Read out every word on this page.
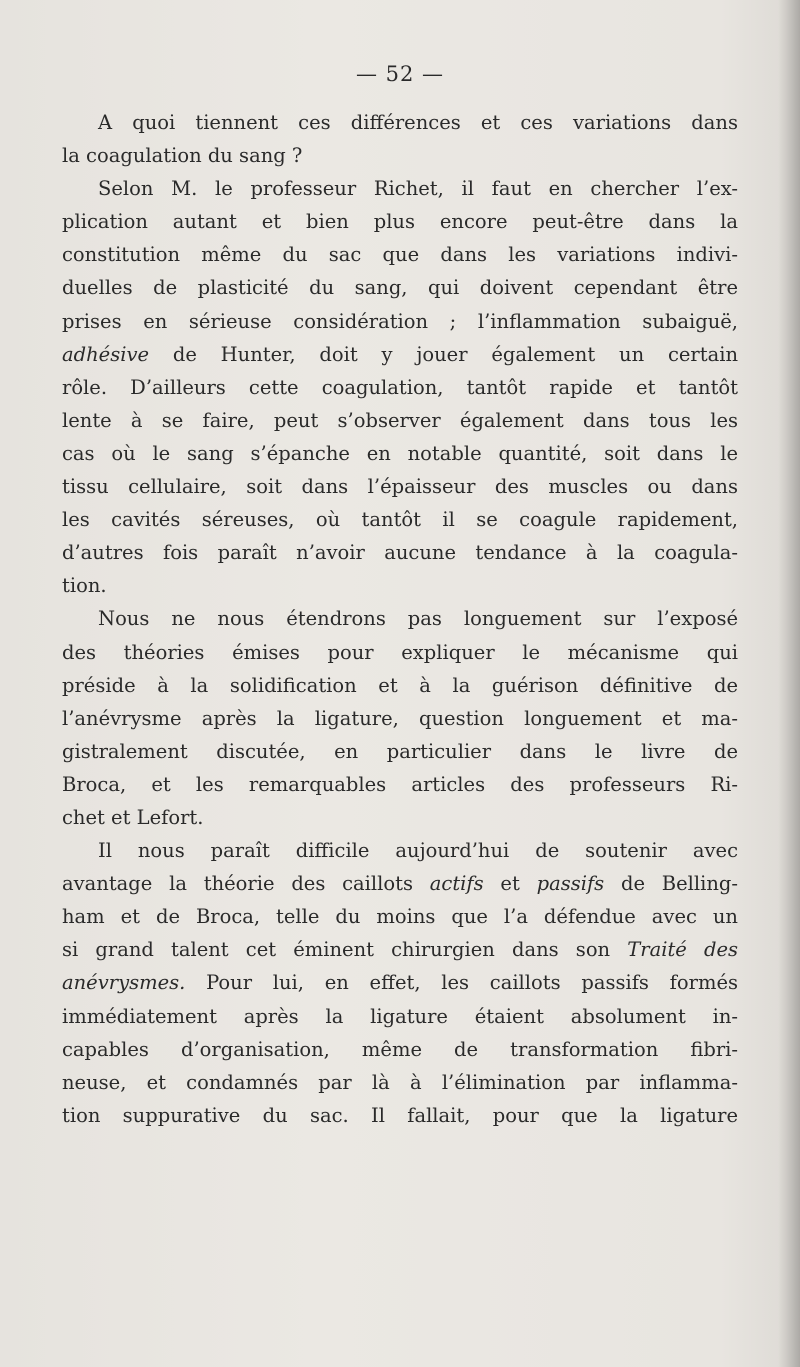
— 52 —
A quoi tiennent ces différences et ces variations dans
la coagulation du sang ?
Selon M. le professeur Richet, il faut en chercher l’ex-
plication autant et bien plus encore peut-être dans la
constitution même du sac que dans les variations indivi-
duelles de plasticité du sang, qui doivent cependant être
prises en sérieuse considération ; l’inflammation subaiguë,
adhésive de Hunter, doit y jouer également un certain
rôle. D’ailleurs cette coagulation, tantôt rapide et tantôt
lente à se faire, peut s’observer également dans tous les
cas où le sang s’épanche en notable quantité, soit dans le
tissu cellulaire, soit dans l’épaisseur des muscles ou dans
les cavités séreuses, où tantôt il se coagule rapidement,
d’autres fois paraît n’avoir aucune tendance à la coagula-
tion.
Nous ne nous étendrons pas longuement sur l’exposé
des théories émises pour expliquer le mécanisme qui
préside à la solidification et à la guérison définitive de
l’anévrysme après la ligature, question longuement et ma-
gistralement discutée, en particulier dans le livre de
Broca, et les remarquables articles des professeurs Ri-
chet et Lefort.
Il nous paraît difficile aujourd’hui de soutenir avec
avantage la théorie des caillots actifs et passifs de Belling-
ham et de Broca, telle du moins que l’a défendue avec un
si grand talent cet éminent chirurgien dans son Traité des
anévrysmes. Pour lui, en effet, les caillots passifs formés
immédiatement après la ligature étaient absolument in-
capables d’organisation, même de transformation fibri-
neuse, et condamnés par là à l’élimination par inflamma-
tion suppurative du sac. Il fallait, pour que la ligature
